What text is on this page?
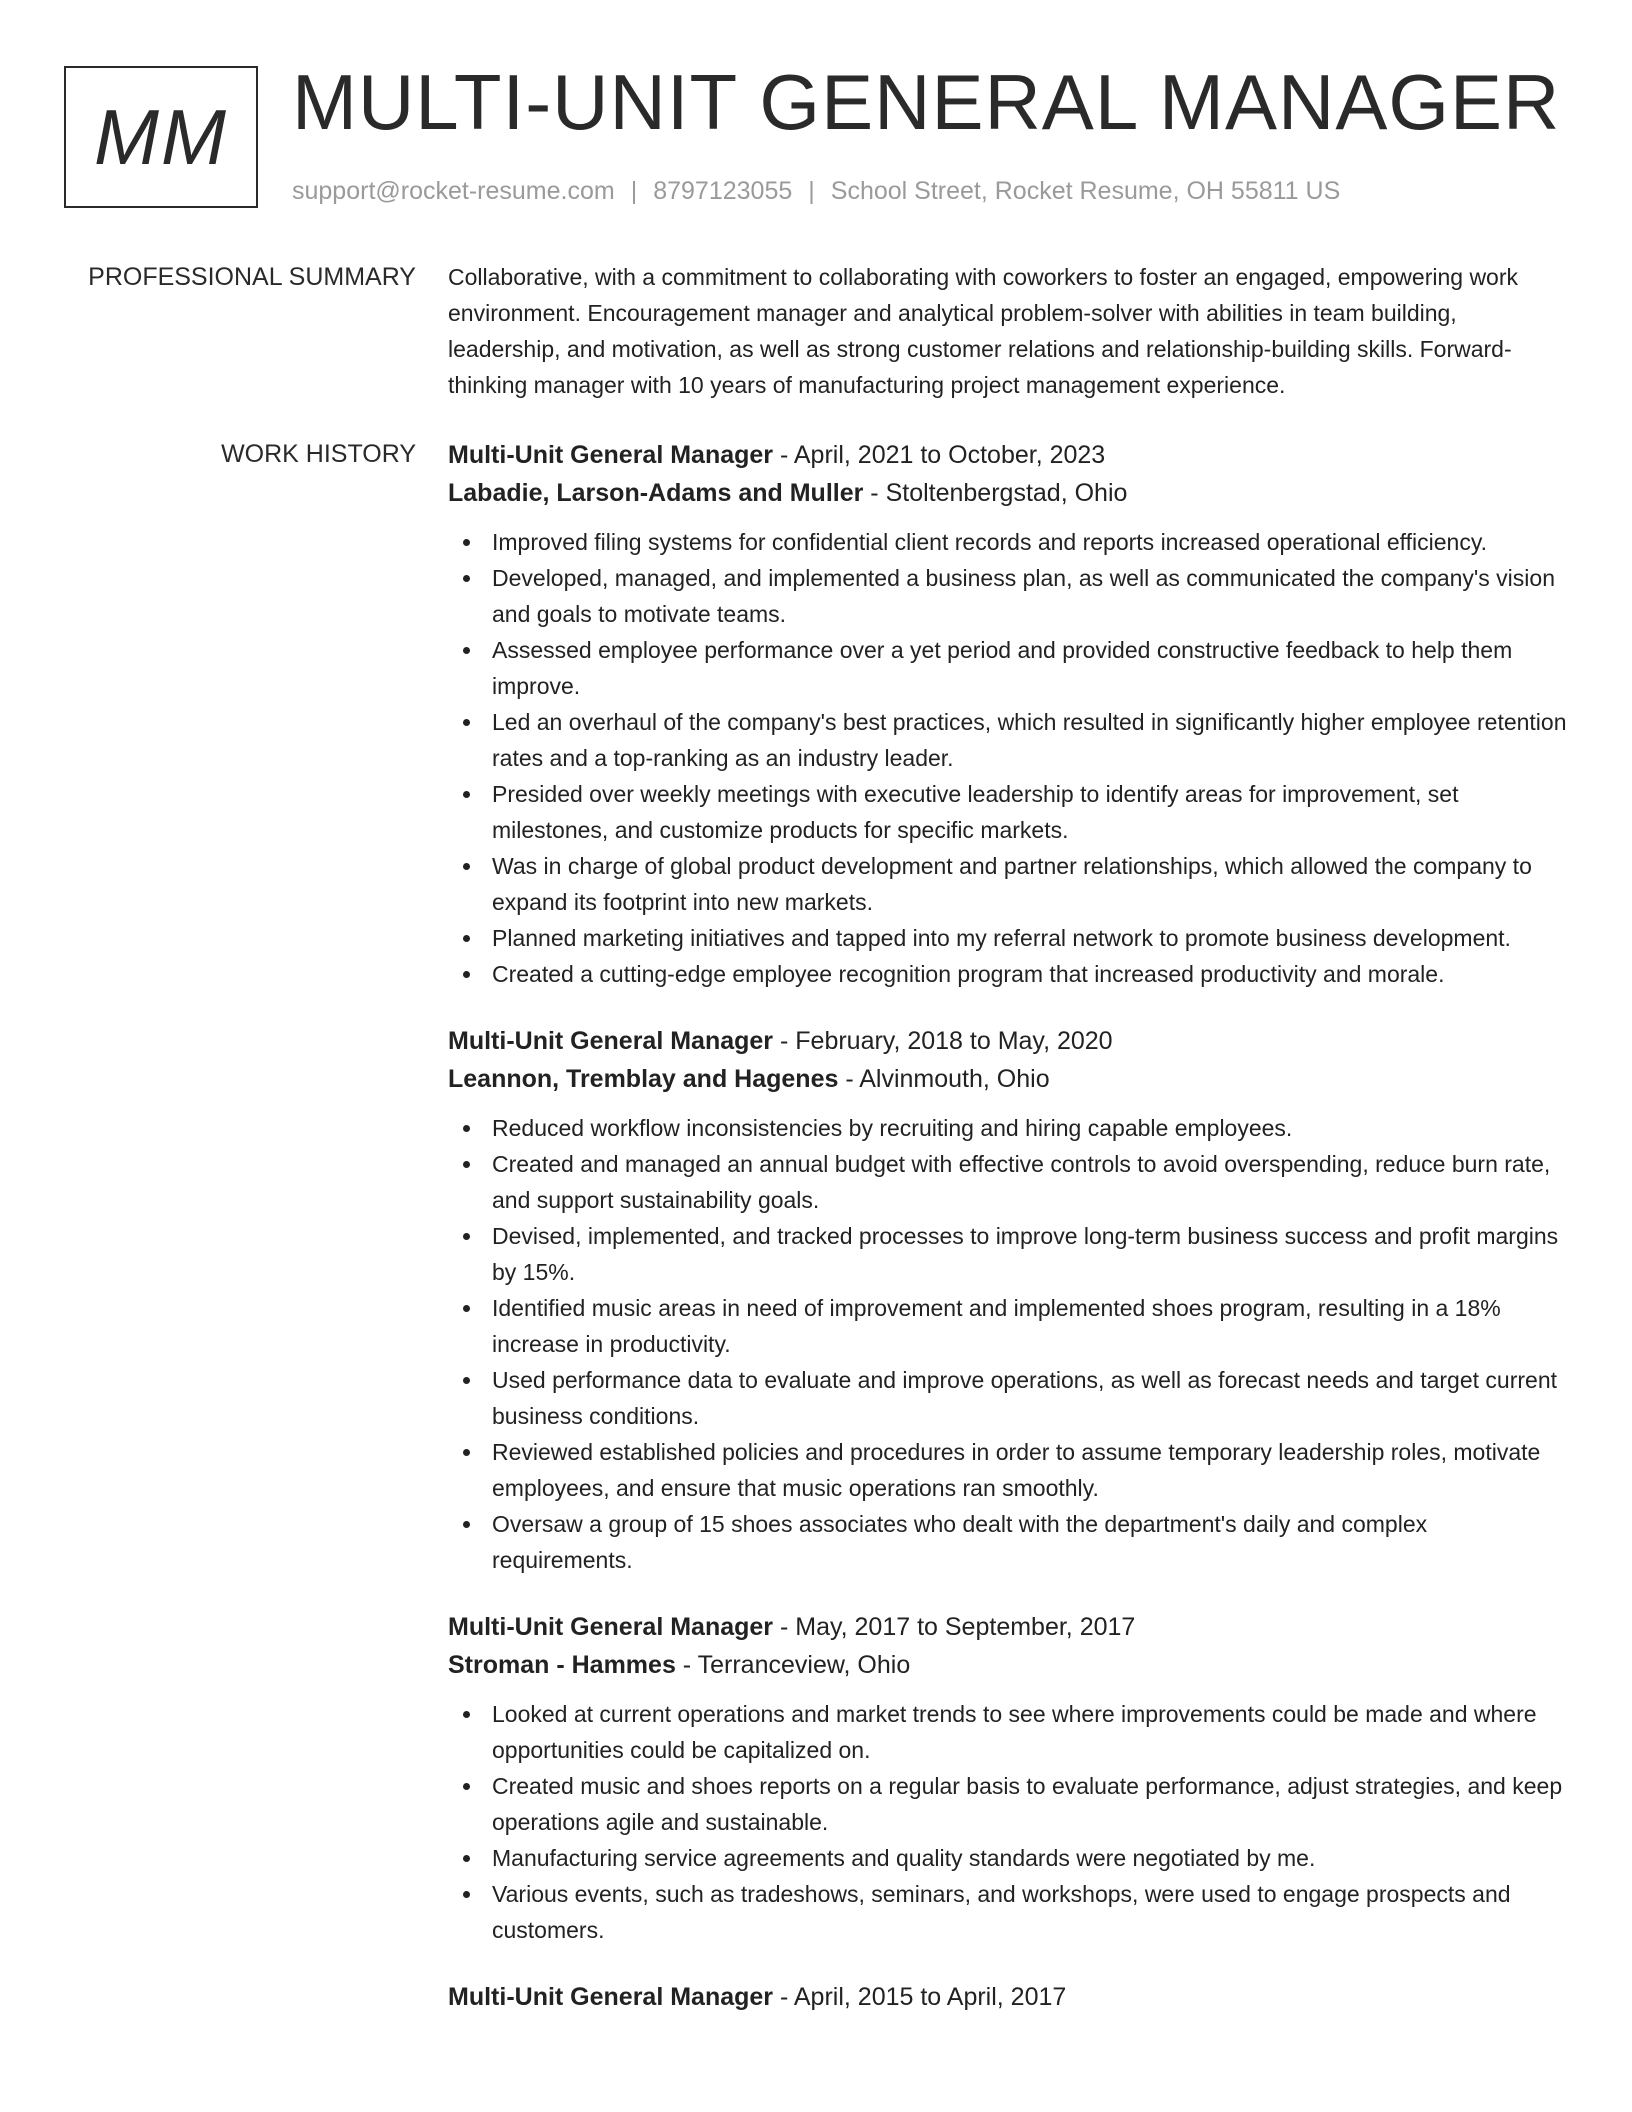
MM MULTI-UNIT GENERAL MANAGER
support@rocket-resume.com | 8797123055 | School Street, Rocket Resume, OH 55811 US
PROFESSIONAL SUMMARY Collaborative, with a commitment to collaborating with coworkers to foster an engaged, empowering work environment. Encouragement manager and analytical problem-solver with abilities in team building, leadership, and motivation, as well as strong customer relations and relationship-building skills. Forward-thinking manager with 10 years of manufacturing project management experience.

WORK HISTORY Multi-Unit General Manager - April, 2021 to October, 2023
Labadie, Larson-Adams and Muller - Stoltenbergstad, Ohio
Improved filing systems for confidential client records and reports increased operational efficiency.
Developed, managed, and implemented a business plan, as well as communicated the company's vision and goals to motivate teams.
Assessed employee performance over a yet period and provided constructive feedback to help them improve.
Led an overhaul of the company's best practices, which resulted in significantly higher employee retention rates and a top-ranking as an industry leader.
Presided over weekly meetings with executive leadership to identify areas for improvement, set milestones, and customize products for specific markets.
Was in charge of global product development and partner relationships, which allowed the company to expand its footprint into new markets.
Planned marketing initiatives and tapped into my referral network to promote business development.
Created a cutting-edge employee recognition program that increased productivity and morale.
Multi-Unit General Manager - February, 2018 to May, 2020
Leannon, Tremblay and Hagenes - Alvinmouth, Ohio
Reduced workflow inconsistencies by recruiting and hiring capable employees.
Created and managed an annual budget with effective controls to avoid overspending, reduce burn rate, and support sustainability goals.
Devised, implemented, and tracked processes to improve long-term business success and profit margins by 15%.
Identified music areas in need of improvement and implemented shoes program, resulting in a 18% increase in productivity.
Used performance data to evaluate and improve operations, as well as forecast needs and target current business conditions.
Reviewed established policies and procedures in order to assume temporary leadership roles, motivate employees, and ensure that music operations ran smoothly.
Oversaw a group of 15 shoes associates who dealt with the department's daily and complex requirements.
Multi-Unit General Manager - May, 2017 to September, 2017
Stroman - Hammes - Terranceview, Ohio
Looked at current operations and market trends to see where improvements could be made and where opportunities could be capitalized on.
Created music and shoes reports on a regular basis to evaluate performance, adjust strategies, and keep operations agile and sustainable.
Manufacturing service agreements and quality standards were negotiated by me.
Various events, such as tradeshows, seminars, and workshops, were used to engage prospects and customers.
Multi-Unit General Manager - April, 2015 to April, 2017
